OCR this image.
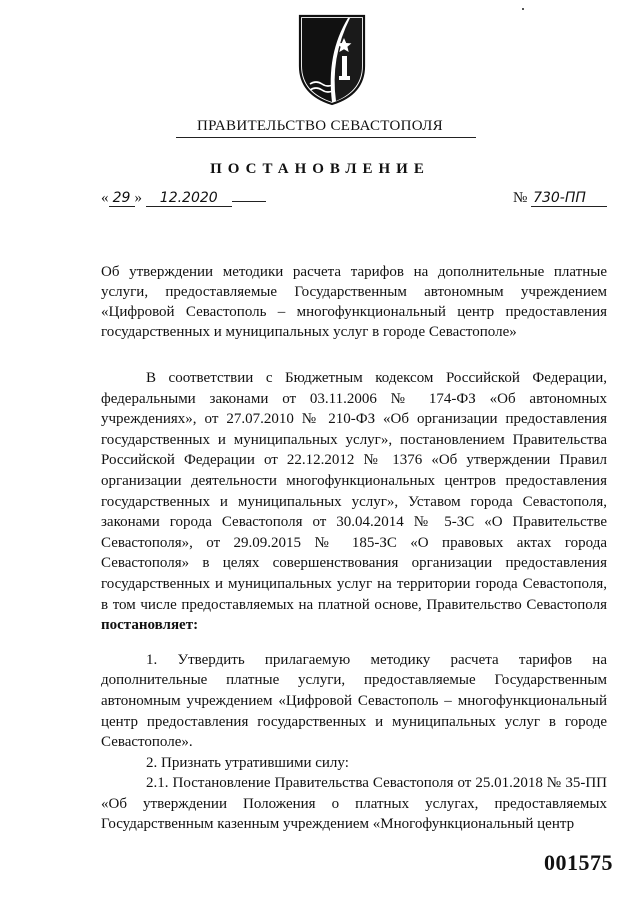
ПРАВИТЕЛЬСТВО СЕВАСТОПОЛЯ
ПОСТАНОВЛЕНИЕ
« 29 » 12.2020	№ 730-ПП
Об утверждении методики расчета тарифов на дополнительные платные услуги, предоставляемые Государственным автономным учреждением «Цифровой Севастополь – многофункциональный центр предоставления государственных и муниципальных услуг в городе Севастополе»

В соответствии с Бюджетным кодексом Российской Федерации, федеральными законами от 03.11.2006 № 174-ФЗ «Об автономных учреждениях», от 27.07.2010 № 210-ФЗ «Об организации предоставления государственных и муниципальных услуг», постановлением Правительства Российской Федерации от 22.12.2012 № 1376 «Об утверждении Правил организации деятельности многофункциональных центров предоставления государственных и муниципальных услуг», Уставом города Севастополя, законами города Севастополя от 30.04.2014 № 5-ЗС «О Правительстве Севастополя», от 29.09.2015 № 185-ЗС «О правовых актах города Севастополя» в целях совершенствования организации предоставления государственных и муниципальных услуг на территории города Севастополя, в том числе предоставляемых на платной основе, Правительство Севастополя постановляет:

1. Утвердить прилагаемую методику расчета тарифов на дополнительные платные услуги, предоставляемые Государственным автономным учреждением «Цифровой Севастополь – многофункциональный центр предоставления государственных и муниципальных услуг в городе Севастополе».

2. Признать утратившими силу:

2.1. Постановление Правительства Севастополя от 25.01.2018 № 35-ПП «Об утверждении Положения о платных услугах, предоставляемых Государственным казенным учреждением «Многофункциональный центр

001575
